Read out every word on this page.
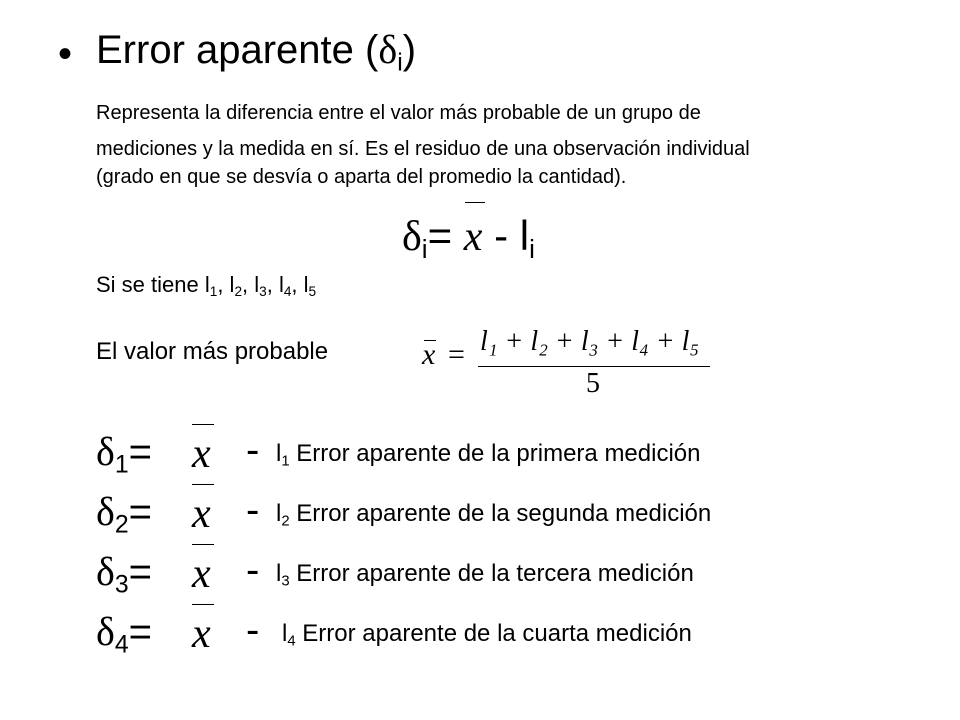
• Error aparente $(\delta_i)$
Representa la diferencia entre el valor más probable de un grupo de
mediciones y la medida en sí. Es el residuo de una observación individual
(grado en que se desvía o aparta del promedio la cantidad).
$\delta_i= x - l_i$
Si se tiene $l_1$, $l_2$, $l_3$, $l_4$, $l_5$
El valor más probable	x = l₁ + l₂ + l₃ + l₄ + l₅
5
$\delta_1= x - l_1$ Error aparente de la primera medición
$\delta_2= x - l_2$ Error aparente de la segunda medición
$\delta_3= x - l_3$ Error aparente de la tercera medición
$\delta_4= x - l_4$ Error aparente de la cuarta medición
